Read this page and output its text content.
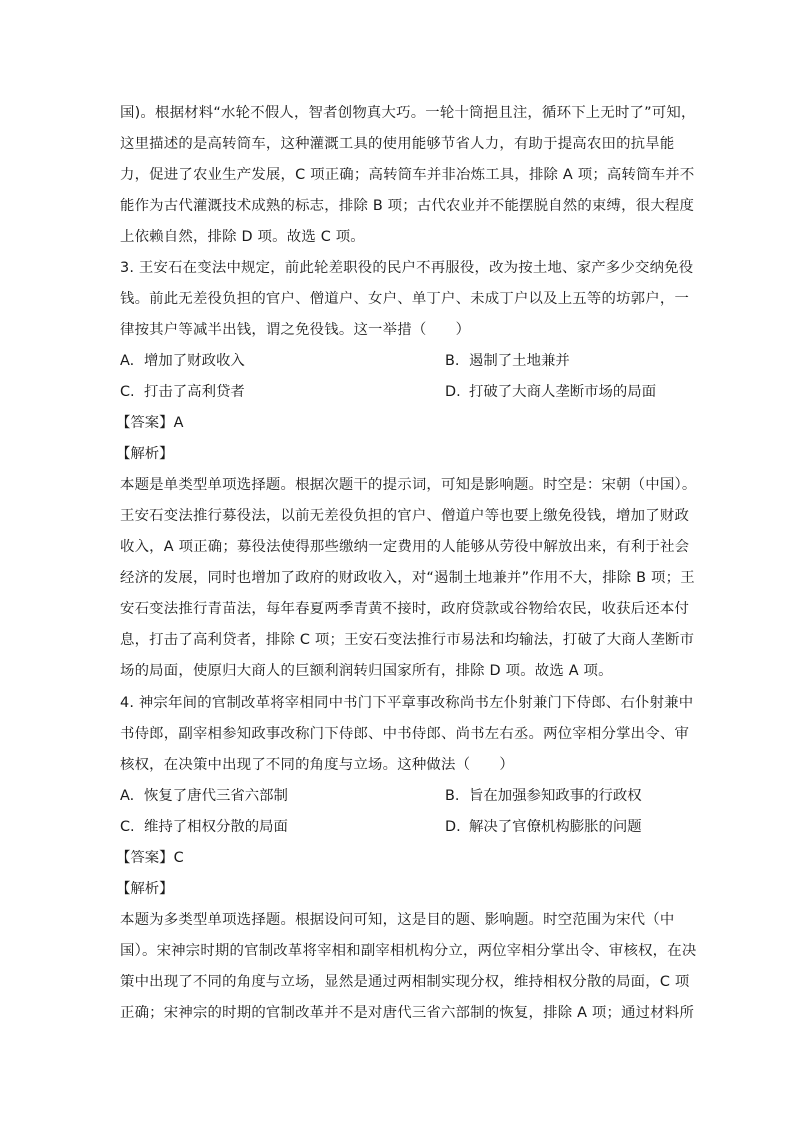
国)。根据材料“水轮不假人，智者创物真大巧。一轮十筒挹且注，循环下上无时了”可知，
这里描述的是高转筒车，这种灌溉工具的使用能够节省人力，有助于提高农田的抗旱能
力，促进了农业生产发展，C 项正确；高转筒车并非冶炼工具，排除 A 项；高转筒车并不
能作为古代灌溉技术成熟的标志，排除 B 项；古代农业并不能摆脱自然的束缚，很大程度
上依赖自然，排除 D 项。故选 C 项。
3. 王安石在变法中规定，前此轮差职役的民户不再服役，改为按土地、家产多少交纳免役
钱。前此无差役负担的官户、僧道户、女户、单丁户、未成丁户以及上五等的坊郭户，一
律按其户等减半出钱，谓之免役钱。这一举措（　　）
A. 增加了财政收入	B. 遏制了土地兼并
C. 打击了高利贷者	D. 打破了大商人垄断市场的局面
【答案】A
【解析】
本题是单类型单项选择题。根据次题干的提示词，可知是影响题。时空是：宋朝（中国）。
王安石变法推行募役法，以前无差役负担的官户、僧道户等也要上缴免役钱，增加了财政
收入，A 项正确；募役法使得那些缴纳一定费用的人能够从劳役中解放出来，有利于社会
经济的发展，同时也增加了政府的财政收入，对“遏制土地兼并”作用不大，排除 B 项；王
安石变法推行青苗法，每年春夏两季青黄不接时，政府贷款或谷物给农民，收获后还本付
息，打击了高利贷者，排除 C 项；王安石变法推行市易法和均输法，打破了大商人垄断市
场的局面，使原归大商人的巨额利润转归国家所有，排除 D 项。故选 A 项。
4. 神宗年间的官制改革将宰相同中书门下平章事改称尚书左仆射兼门下侍郎、右仆射兼中
书侍郎，副宰相参知政事改称门下侍郎、中书侍郎、尚书左右丞。两位宰相分掌出令、审
核权，在决策中出现了不同的角度与立场。这种做法（　　）
A. 恢复了唐代三省六部制	B. 旨在加强参知政事的行政权
C. 维持了相权分散的局面	D. 解决了官僚机构膨胀的问题
【答案】C
【解析】
本题为多类型单项选择题。根据设问可知，这是目的题、影响题。时空范围为宋代（中
国）。宋神宗时期的官制改革将宰相和副宰相机构分立，两位宰相分掌出令、审核权，在决
策中出现了不同的角度与立场，显然是通过两相制实现分权，维持相权分散的局面，C 项
正确；宋神宗的时期的官制改革并不是对唐代三省六部制的恢复，排除 A 项；通过材料所
